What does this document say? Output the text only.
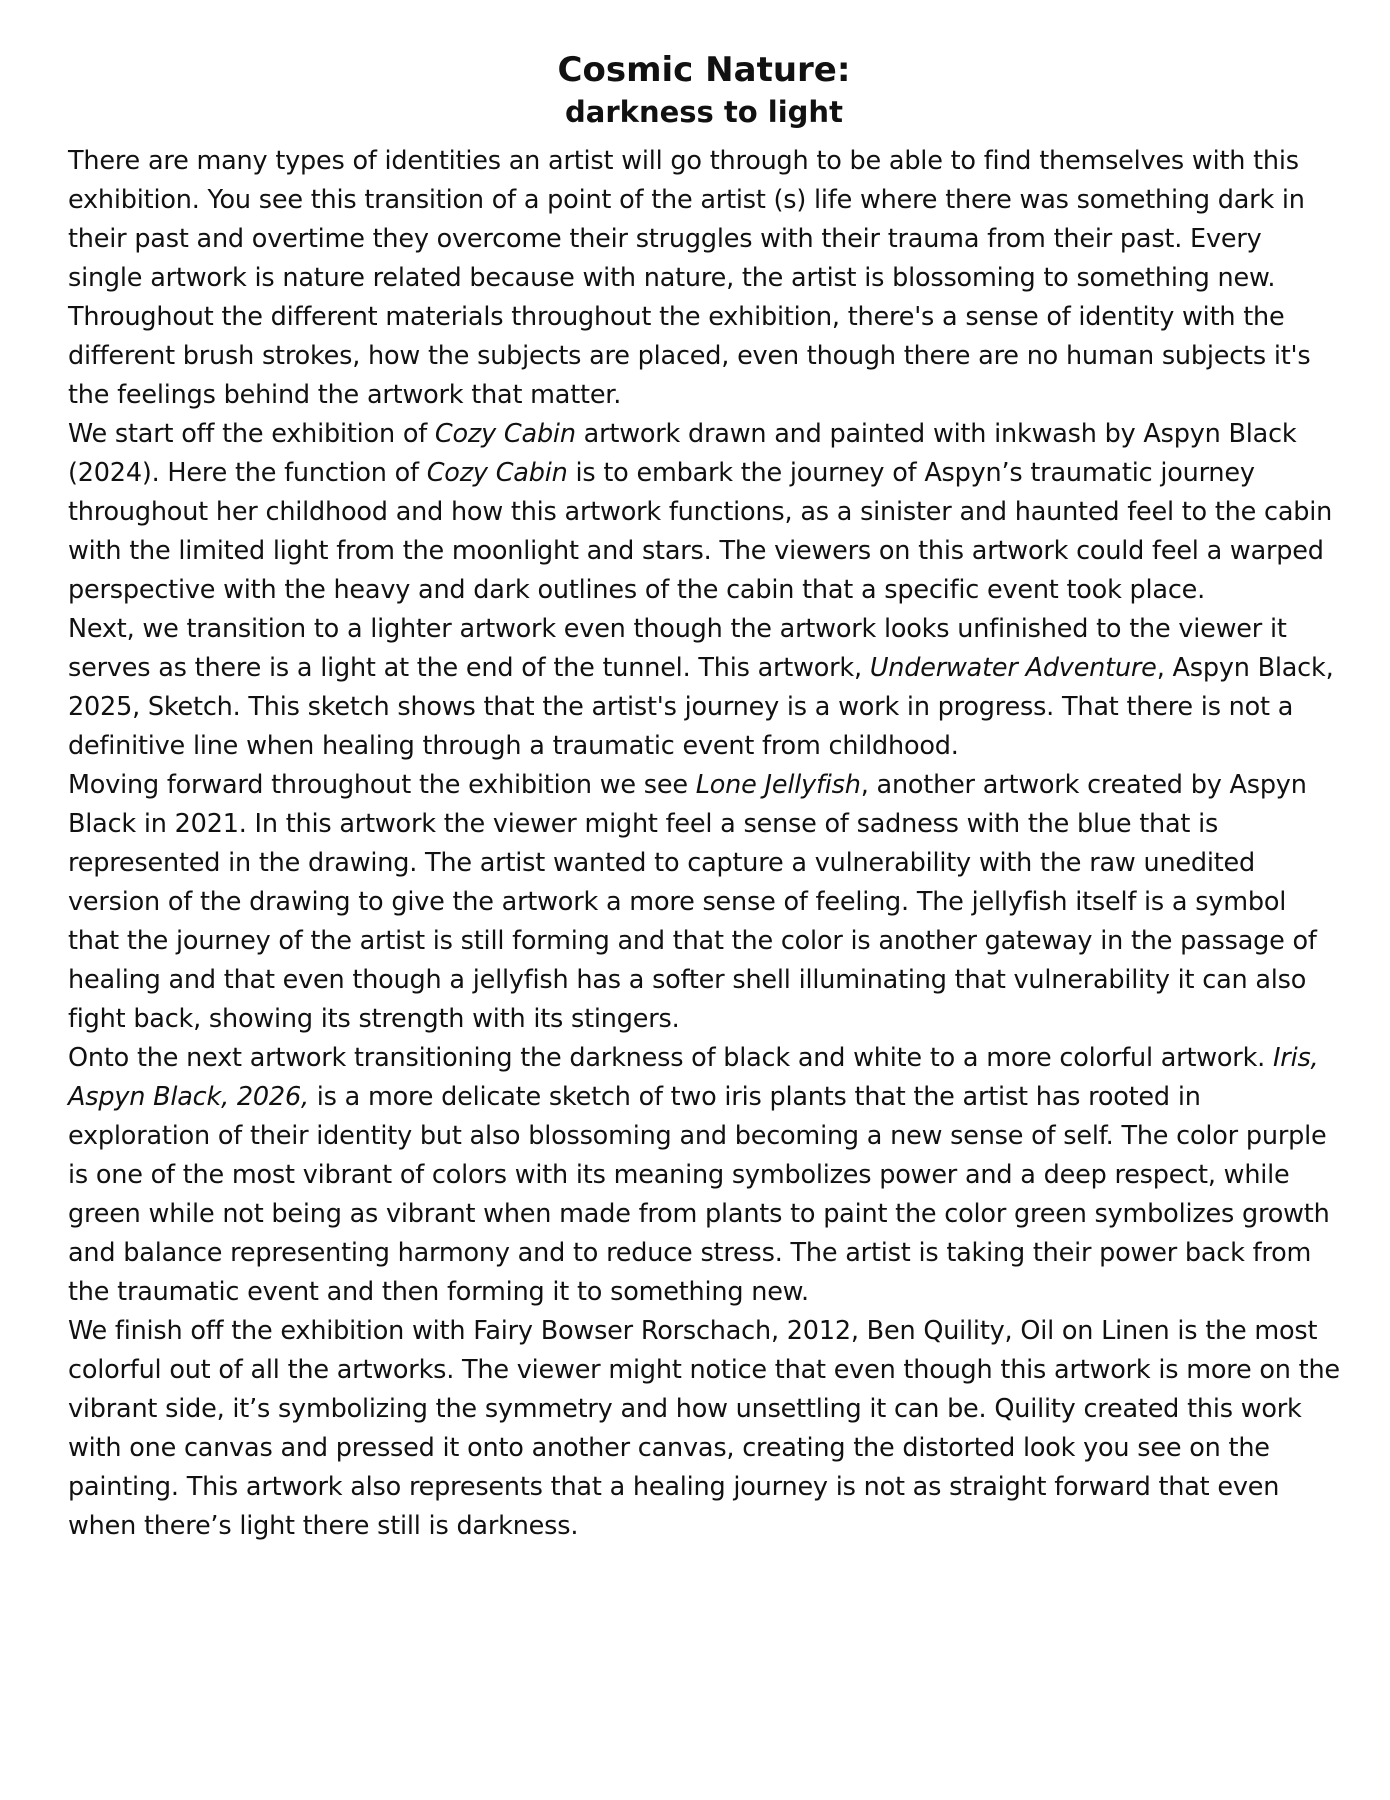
Cosmic Nature:
darkness to light

There are many types of identities an artist will go through to be able to find themselves with this exhibition. You see this transition of a point of the artist (s) life where there was something dark in their past and overtime they overcome their struggles with their trauma from their past. Every single artwork is nature related because with nature, the artist is blossoming to something new. Throughout the different materials throughout the exhibition, there's a sense of identity with the different brush strokes, how the subjects are placed, even though there are no human subjects it's the feelings behind the artwork that matter.

We start off the exhibition of Cozy Cabin artwork drawn and painted with inkwash by Aspyn Black (2024). Here the function of Cozy Cabin is to embark the journey of Aspyn’s traumatic journey throughout her childhood and how this artwork functions, as a sinister and haunted feel to the cabin with the limited light from the moonlight and stars. The viewers on this artwork could feel a warped perspective with the heavy and dark outlines of the cabin that a specific event took place.

Next, we transition to a lighter artwork even though the artwork looks unfinished to the viewer it serves as there is a light at the end of the tunnel. This artwork, Underwater Adventure, Aspyn Black, 2025, Sketch. This sketch shows that the artist's journey is a work in progress. That there is not a definitive line when healing through a traumatic event from childhood.

Moving forward throughout the exhibition we see Lone Jellyfish, another artwork created by Aspyn Black in 2021. In this artwork the viewer might feel a sense of sadness with the blue that is represented in the drawing. The artist wanted to capture a vulnerability with the raw unedited version of the drawing to give the artwork a more sense of feeling. The jellyfish itself is a symbol that the journey of the artist is still forming and that the color is another gateway in the passage of healing and that even though a jellyfish has a softer shell illuminating that vulnerability it can also fight back, showing its strength with its stingers.

Onto the next artwork transitioning the darkness of black and white to a more colorful artwork. Iris, Aspyn Black, 2026, is a more delicate sketch of two iris plants that the artist has rooted in exploration of their identity but also blossoming and becoming a new sense of self. The color purple is one of the most vibrant of colors with its meaning symbolizes power and a deep respect, while green while not being as vibrant when made from plants to paint the color green symbolizes growth and balance representing harmony and to reduce stress. The artist is taking their power back from the traumatic event and then forming it to something new.

We finish off the exhibition with Fairy Bowser Rorschach, 2012, Ben Quility, Oil on Linen is the most colorful out of all the artworks. The viewer might notice that even though this artwork is more on the vibrant side, it’s symbolizing the symmetry and how unsettling it can be. Quility created this work with one canvas and pressed it onto another canvas, creating the distorted look you see on the painting. This artwork also represents that a healing journey is not as straight forward that even when there’s light there still is darkness.
